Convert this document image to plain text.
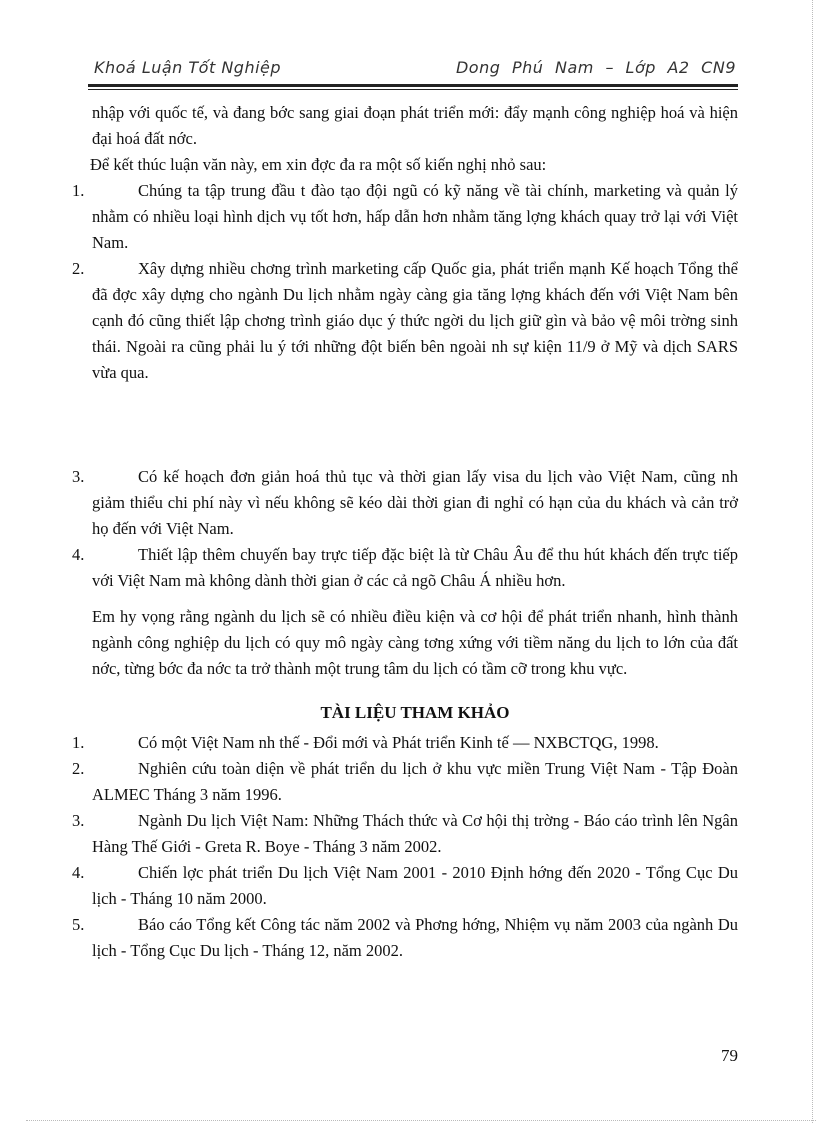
Khoá Luận Tốt Nghiệp	Dong Phú Nam – Lớp A2 CN9

nhập với quốc tế, và đang bớc sang giai đoạn phát triển mới: đẩy mạnh công nghiệp hoá và hiện đại hoá đất nớc.

Để kết thúc luận văn này, em xin đợc đa ra một số kiến nghị nhỏ sau:

1.	Chúng ta tập trung đầu t đào tạo đội ngũ có kỹ năng về tài chính, marketing và quản lý nhằm có nhiều loại hình dịch vụ tốt hơn, hấp dẫn hơn nhằm tăng lợng khách quay trở lại với Việt Nam.
2.	Xây dựng nhiều chơng trình marketing cấp Quốc gia, phát triển mạnh Kế hoạch Tổng thể đã đợc xây dựng cho ngành Du lịch nhằm ngày càng gia tăng lợng khách đến với Việt Nam bên cạnh đó cũng thiết lập chơng trình giáo dục ý thức ngời du lịch giữ gìn và bảo vệ môi trờng sinh thái. Ngoài ra cũng phải lu ý tới những đột biến bên ngoài nh sự kiện 11/9 ở Mỹ và dịch SARS vừa qua.
3.	Có kế hoạch đơn giản hoá thủ tục và thời gian lấy visa du lịch vào Việt Nam, cũng nh giảm thiểu chi phí này vì nếu không sẽ kéo dài thời gian đi nghỉ có hạn của du khách và cản trở họ đến với Việt Nam.
4.	Thiết lập thêm chuyến bay trực tiếp đặc biệt là từ Châu Âu để thu hút khách đến trực tiếp với Việt Nam mà không dành thời gian ở các cả ngõ Châu Á nhiều hơn.

Em hy vọng rằng ngành du lịch sẽ có nhiều điều kiện và cơ hội để phát triển nhanh, hình thành ngành công nghiệp du lịch có quy mô ngày càng tơng xứng với tiềm năng du lịch to lớn của đất nớc, từng bớc đa nớc ta trở thành một trung tâm du lịch có tầm cỡ trong khu vực.

TÀI LIỆU THAM KHẢO
1.	Có một Việt Nam nh thế - Đổi mới và Phát triển Kinh tế — NXBCTQG, 1998.
2.	Nghiên cứu toàn diện về phát triển du lịch ở khu vực miền Trung Việt Nam - Tập Đoàn ALMEC Tháng 3 năm 1996.
3.	Ngành Du lịch Việt Nam: Những Thách thức và Cơ hội thị trờng - Báo cáo trình lên Ngân Hàng Thế Giới - Greta R. Boye - Tháng 3 năm 2002.
4.	Chiến lợc phát triển Du lịch Việt Nam 2001 - 2010 Định hớng đến 2020 - Tổng Cục Du lịch - Tháng 10 năm 2000.
5.	Báo cáo Tổng kết Công tác năm 2002 và Phơng hớng, Nhiệm vụ năm 2003 của ngành Du lịch - Tổng Cục Du lịch - Tháng 12, năm 2002.
79
